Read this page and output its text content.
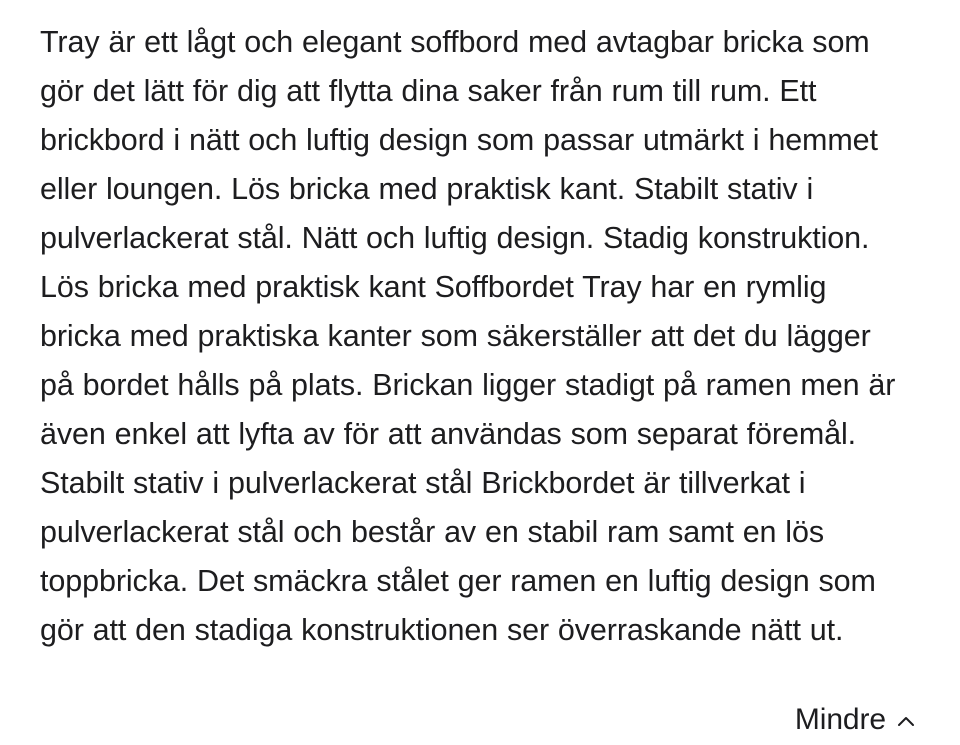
Tray är ett lågt och elegant soffbord med avtagbar bricka som gör det lätt för dig att flytta dina saker från rum till rum. Ett brickbord i nätt och luftig design som passar utmärkt i hemmet eller loungen. Lös bricka med praktisk kant. Stabilt stativ i pulverlackerat stål. Nätt och luftig design. Stadig konstruktion. Lös bricka med praktisk kant Soffbordet Tray har en rymlig bricka med praktiska kanter som säkerställer att det du lägger på bordet hålls på plats. Brickan ligger stadigt på ramen men är även enkel att lyfta av för att användas som separat föremål. Stabilt stativ i pulverlackerat stål Brickbordet är tillverkat i pulverlackerat stål och består av en stabil ram samt en lös toppbricka. Det smäckra stålet ger ramen en luftig design som gör att den stadiga konstruktionen ser överraskande nätt ut.

Mindre
